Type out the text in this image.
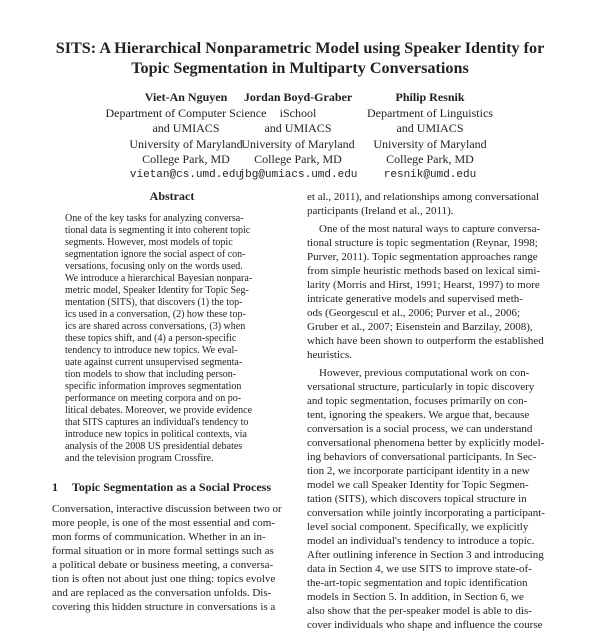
SITS: A Hierarchical Nonparametric Model using Speaker Identity for
Topic Segmentation in Multiparty Conversations
Viet-An Nguyen
Department of Computer Science
and UMIACS
University of Maryland
College Park, MD
vietan@cs.umd.edu
Jordan Boyd-Graber
iSchool
and UMIACS
University of Maryland
College Park, MD
jbg@umiacs.umd.edu
Philip Resnik
Department of Linguistics
and UMIACS
University of Maryland
College Park, MD
resnik@umd.edu
Abstract
One of the key tasks for analyzing conversa-
tional data is segmenting it into coherent topic
segments. However, most models of topic
segmentation ignore the social aspect of con-
versations, focusing only on the words used.
We introduce a hierarchical Bayesian nonpara-
metric model, Speaker Identity for Topic Seg-
mentation (SITS), that discovers (1) the top-
ics used in a conversation, (2) how these top-
ics are shared across conversations, (3) when
these topics shift, and (4) a person-specific
tendency to introduce new topics. We eval-
uate against current unsupervised segmenta-
tion models to show that including person-
specific information improves segmentation
performance on meeting corpora and on po-
litical debates. Moreover, we provide evidence
that SITS captures an individual's tendency to
introduce new topics in political contexts, via
analysis of the 2008 US presidential debates
and the television program Crossfire.
1 Topic Segmentation as a Social Process
Conversation, interactive discussion between two or
more people, is one of the most essential and com-
mon forms of communication. Whether in an in-
formal situation or in more formal settings such as
a political debate or business meeting, a conversa-
tion is often not about just one thing: topics evolve
and are replaced as the conversation unfolds. Dis-
covering this hidden structure in conversations is a
et al., 2011), and relationships among conversational
participants (Ireland et al., 2011).
One of the most natural ways to capture conversa-
tional structure is topic segmentation (Reynar, 1998;
Purver, 2011). Topic segmentation approaches range
from simple heuristic methods based on lexical simi-
larity (Morris and Hirst, 1991; Hearst, 1997) to more
intricate generative models and supervised meth-
ods (Georgescul et al., 2006; Purver et al., 2006;
Gruber et al., 2007; Eisenstein and Barzilay, 2008),
which have been shown to outperform the established
heuristics.
However, previous computational work on con-
versational structure, particularly in topic discovery
and topic segmentation, focuses primarily on con-
tent, ignoring the speakers. We argue that, because
conversation is a social process, we can understand
conversational phenomena better by explicitly model-
ing behaviors of conversational participants. In Sec-
tion 2, we incorporate participant identity in a new
model we call Speaker Identity for Topic Segmen-
tation (SITS), which discovers topical structure in
conversation while jointly incorporating a participant-
level social component. Specifically, we explicitly
model an individual's tendency to introduce a topic.
After outlining inference in Section 3 and introducing
data in Section 4, we use SITS to improve state-of-
the-art-topic segmentation and topic identification
models in Section 5. In addition, in Section 6, we
also show that the per-speaker model is able to dis-
cover individuals who shape and influence the course
